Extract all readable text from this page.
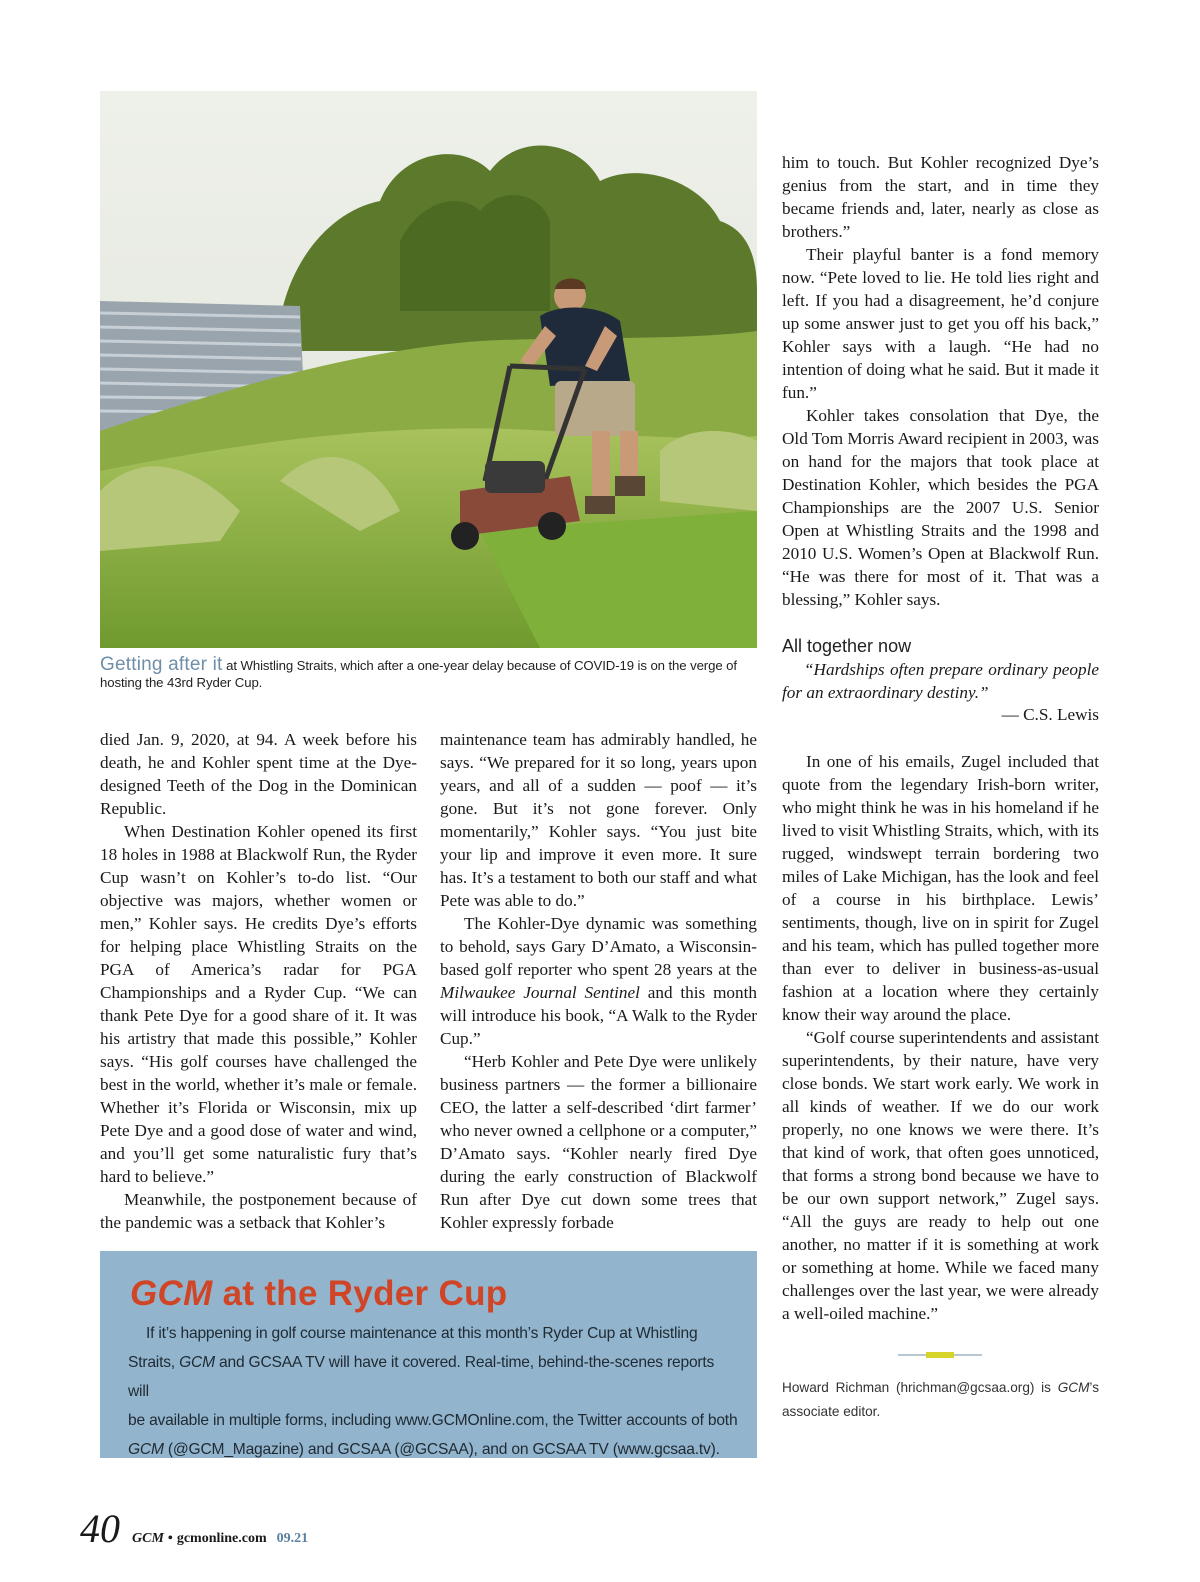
Getting after it at Whistling Straits, which after a one-year delay because of COVID-19 is on the verge of hosting the 43rd Ryder Cup.

died Jan. 9, 2020, at 94. A week before his death, he and Kohler spent time at the Dye-designed Teeth of the Dog in the Dominican Republic.

When Destination Kohler opened its first 18 holes in 1988 at Blackwolf Run, the Ryder Cup wasn’t on Kohler’s to-do list. “Our objective was majors, whether women or men,” Kohler says. He credits Dye’s efforts for helping place Whistling Straits on the PGA of America’s radar for PGA Championships and a Ryder Cup. “We can thank Pete Dye for a good share of it. It was his artistry that made this possible,” Kohler says. “His golf courses have challenged the best in the world, whether it’s male or female. Whether it’s Florida or Wisconsin, mix up Pete Dye and a good dose of water and wind, and you’ll get some naturalistic fury that’s hard to believe.”

Meanwhile, the postponement because of the pandemic was a setback that Kohler’s

maintenance team has admirably handled, he says. “We prepared for it so long, years upon years, and all of a sudden — poof — it’s gone. But it’s not gone forever. Only momentarily,” Kohler says. “You just bite your lip and improve it even more. It sure has. It’s a testament to both our staff and what Pete was able to do.”

The Kohler-Dye dynamic was something to behold, says Gary D’Amato, a Wisconsin-based golf reporter who spent 28 years at the Milwaukee Journal Sentinel and this month will introduce his book, “A Walk to the Ryder Cup.”

“Herb Kohler and Pete Dye were unlikely business partners — the former a billionaire CEO, the latter a self-described ‘dirt farmer’ who never owned a cellphone or a computer,” D’Amato says. “Kohler nearly fired Dye during the early construction of Blackwolf Run after Dye cut down some trees that Kohler expressly forbade

him to touch. But Kohler recognized Dye’s genius from the start, and in time they became friends and, later, nearly as close as brothers.”

Their playful banter is a fond memory now. “Pete loved to lie. He told lies right and left. If you had a disagreement, he’d conjure up some answer just to get you off his back,” Kohler says with a laugh. “He had no intention of doing what he said. But it made it fun.”

Kohler takes consolation that Dye, the Old Tom Morris Award recipient in 2003, was on hand for the majors that took place at Destination Kohler, which besides the PGA Championships are the 2007 U.S. Senior Open at Whistling Straits and the 1998 and 2010 U.S. Women’s Open at Blackwolf Run. “He was there for most of it. That was a blessing,” Kohler says.

All together now
“Hardships often prepare ordinary people for an extraordinary destiny.”
— C.S. Lewis

In one of his emails, Zugel included that quote from the legendary Irish-born writer, who might think he was in his homeland if he lived to visit Whistling Straits, which, with its rugged, windswept terrain bordering two miles of Lake Michigan, has the look and feel of a course in his birthplace. Lewis’ sentiments, though, live on in spirit for Zugel and his team, which has pulled together more than ever to deliver in business-as-usual fashion at a location where they certainly know their way around the place.

“Golf course superintendents and assistant superintendents, by their nature, have very close bonds. We start work early. We work in all kinds of weather. If we do our work properly, no one knows we were there. It’s that kind of work, that often goes unnoticed, that forms a strong bond because we have to be our own support network,” Zugel says. “All the guys are ready to help out one another, no matter if it is something at work or something at home. While we faced many challenges over the last year, we were already a well-oiled machine.”

Howard Richman (hrichman@gcsaa.org) is GCM’s associate editor.
GCM at the Ryder Cup
If it’s happening in golf course maintenance at this month’s Ryder Cup at Whistling
Straits, GCM and GCSAA TV will have it covered. Real-time, behind-the-scenes reports will
be available in multiple forms, including www.GCMOnline.com, the Twitter accounts of both
GCM (@GCM_Magazine) and GCSAA (@GCSAA), and on GCSAA TV (www.gcsaa.tv).
40 GCM • gcmonline.com 09.21
